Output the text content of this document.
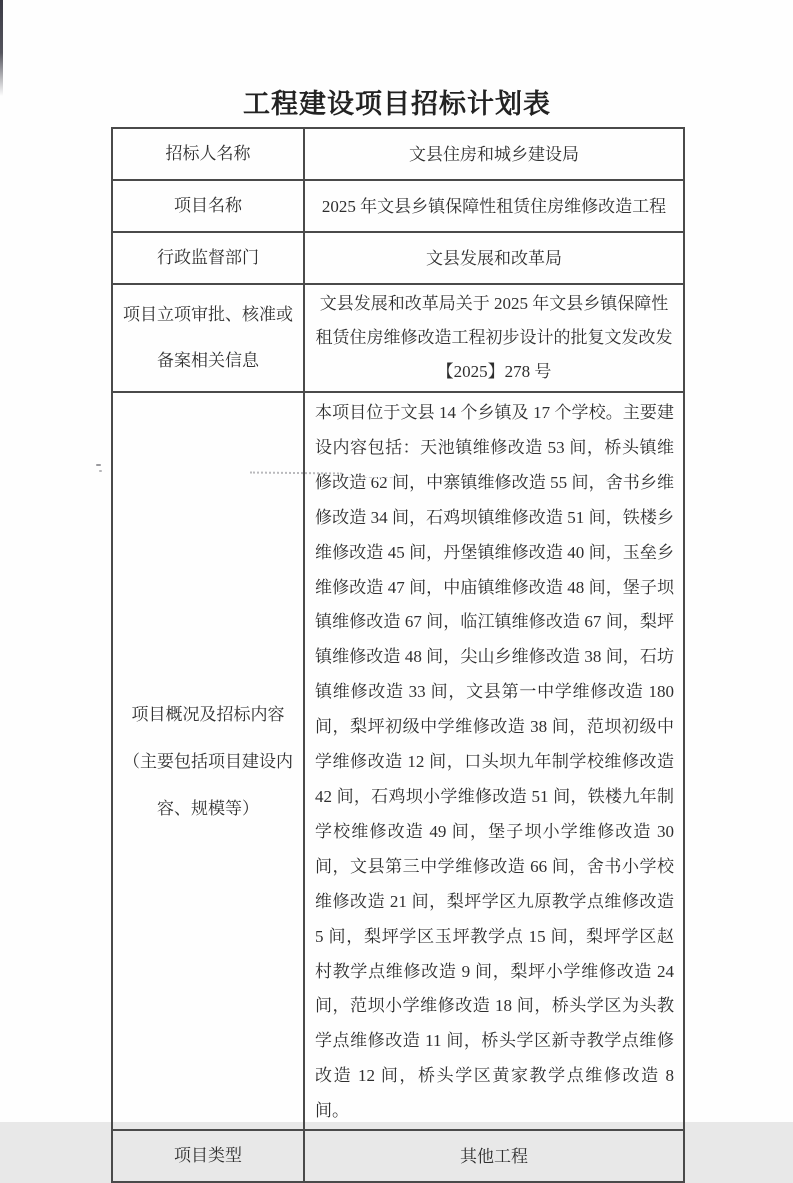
工程建设项目招标计划表
招标人名称	文县住房和城乡建设局
项目名称	2025 年文县乡镇保障性租赁住房维修改造工程
行政监督部门	文县发展和改革局
项目立项审批、核准或备案相关信息	文县发展和改革局关于 2025 年文县乡镇保障性租赁住房维修改造工程初步设计的批复文发改发【2025】278 号
项目概况及招标内容（主要包括项目建设内容、规模等）	本项目位于文县 14 个乡镇及 17 个学校。主要建设内容包括：天池镇维修改造 53 间，桥头镇维修改造 62 间，中寨镇维修改造 55 间，舍书乡维修改造 34 间，石鸡坝镇维修改造 51 间，铁楼乡维修改造 45 间，丹堡镇维修改造 40 间，玉垒乡维修改造 47 间，中庙镇维修改造 48 间，堡子坝镇维修改造 67 间，临江镇维修改造 67 间，梨坪镇维修改造 48 间，尖山乡维修改造 38 间，石坊镇维修改造 33 间，文县第一中学维修改造 180 间，梨坪初级中学维修改造 38 间，范坝初级中学维修改造 12 间，口头坝九年制学校维修改造 42 间，石鸡坝小学维修改造 51 间，铁楼九年制学校维修改造 49 间，堡子坝小学维修改造 30 间，文县第三中学维修改造 66 间，舍书小学校维修改造 21 间，梨坪学区九原教学点维修改造 5 间，梨坪学区玉坪教学点 15 间，梨坪学区赵村教学点维修改造 9 间，梨坪小学维修改造 24 间，范坝小学维修改造 18 间，桥头学区为头教学点维修改造 11 间，桥头学区新寺教学点维修改造 12 间，桥头学区黄家教学点维修改造 8 间。
项目类型	其他工程
